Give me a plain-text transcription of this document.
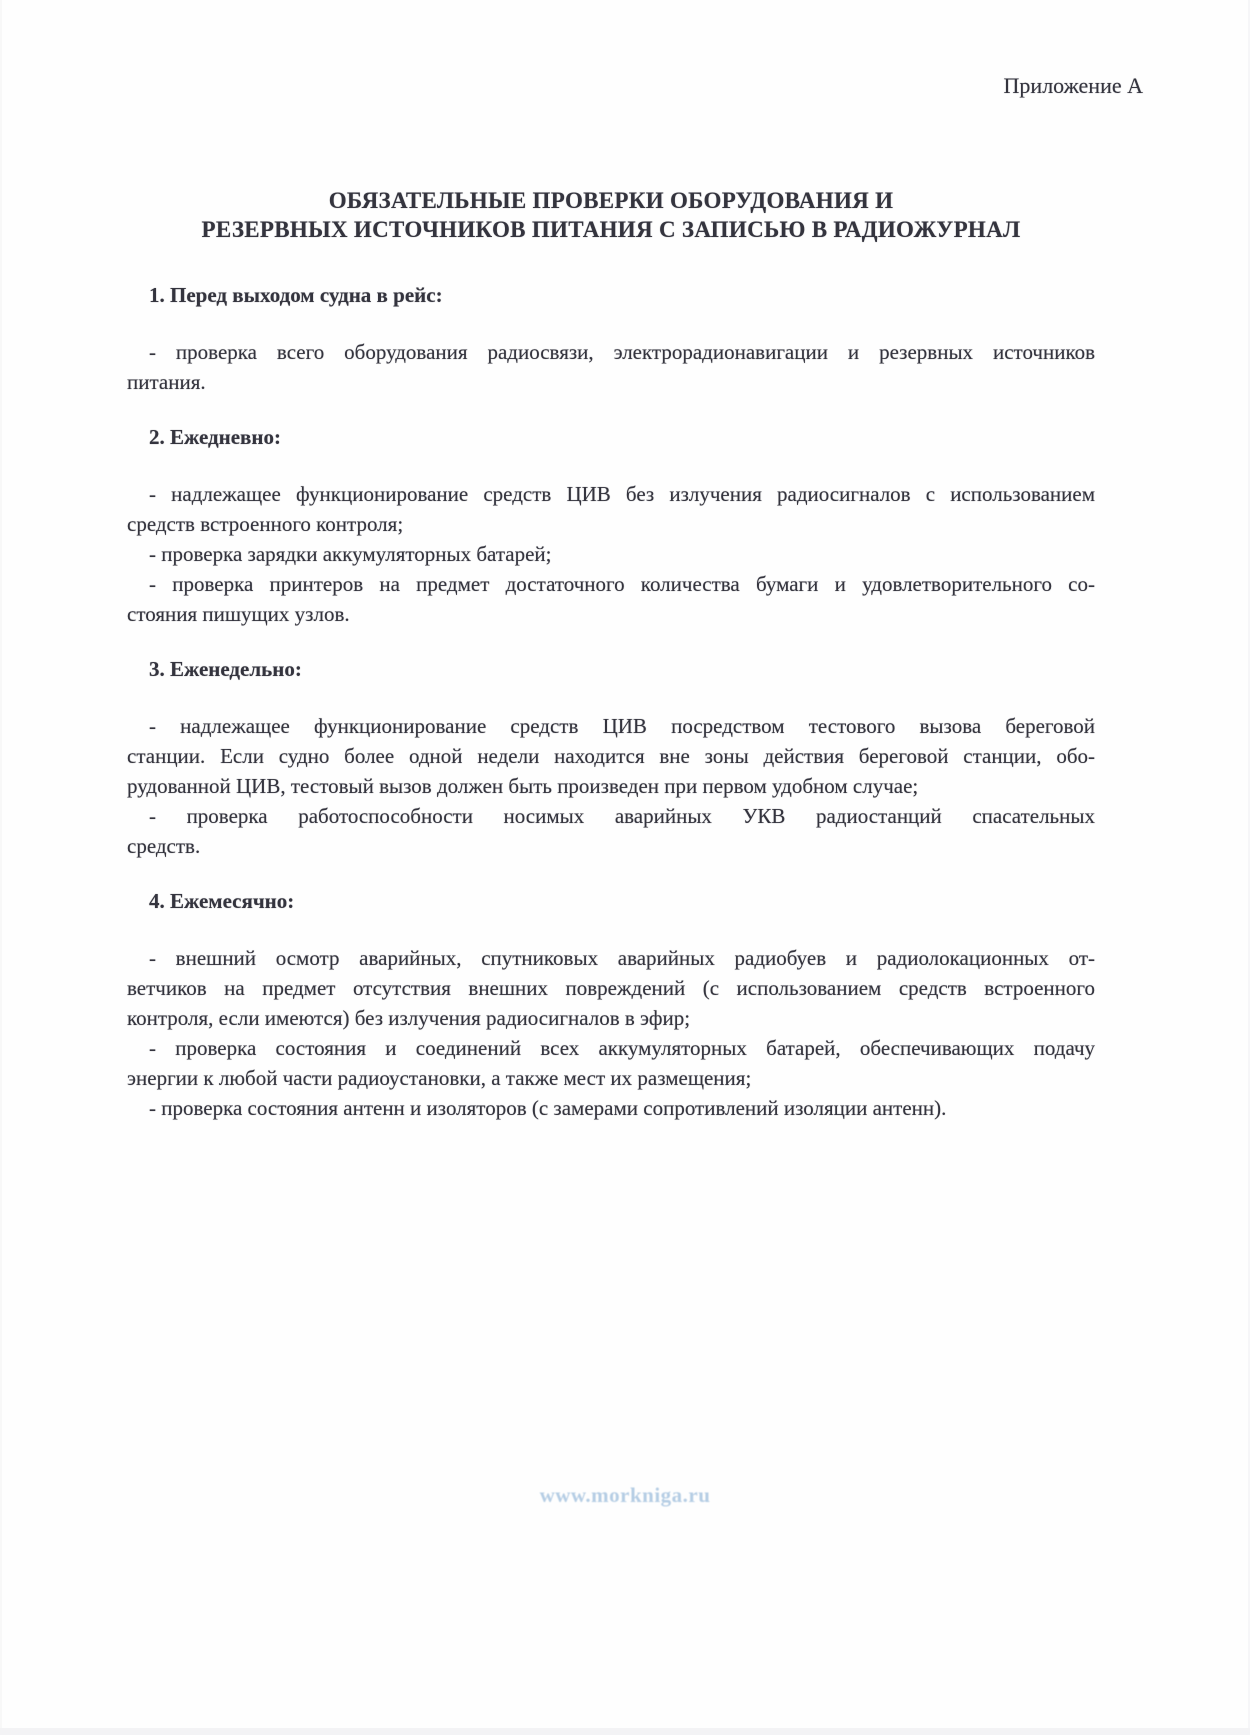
Приложение А
ОБЯЗАТЕЛЬНЫЕ ПРОВЕРКИ ОБОРУДОВАНИЯ И
РЕЗЕРВНЫХ ИСТОЧНИКОВ ПИТАНИЯ С ЗАПИСЬЮ В РАДИОЖУРНАЛ
1. Перед выходом судна в рейс:
- проверка всего оборудования радиосвязи, электрорадионавигации и резервных источников
питания.
2. Ежедневно:
- надлежащее функционирование средств ЦИВ без излучения радиосигналов с использованием
средств встроенного контроля;
- проверка зарядки аккумуляторных батарей;
- проверка принтеров на предмет достаточного количества бумаги и удовлетворительного со-
стояния пишущих узлов.
3. Еженедельно:
- надлежащее функционирование средств ЦИВ посредством тестового вызова береговой
станции. Если судно более одной недели находится вне зоны действия береговой станции, обо-
рудованной ЦИВ, тестовый вызов должен быть произведен при первом удобном случае;
- проверка работоспособности носимых аварийных УКВ радиостанций спасательных
средств.
4. Ежемесячно:
- внешний осмотр аварийных, спутниковых аварийных радиобуев и радиолокационных от-
ветчиков на предмет отсутствия внешних повреждений (с использованием средств встроенного
контроля, если имеются) без излучения радиосигналов в эфир;
- проверка состояния и соединений всех аккумуляторных батарей, обеспечивающих подачу
энергии к любой части радиоустановки, а также мест их размещения;
- проверка состояния антенн и изоляторов (с замерами сопротивлений изоляции антенн).
www.morkniga.ru
